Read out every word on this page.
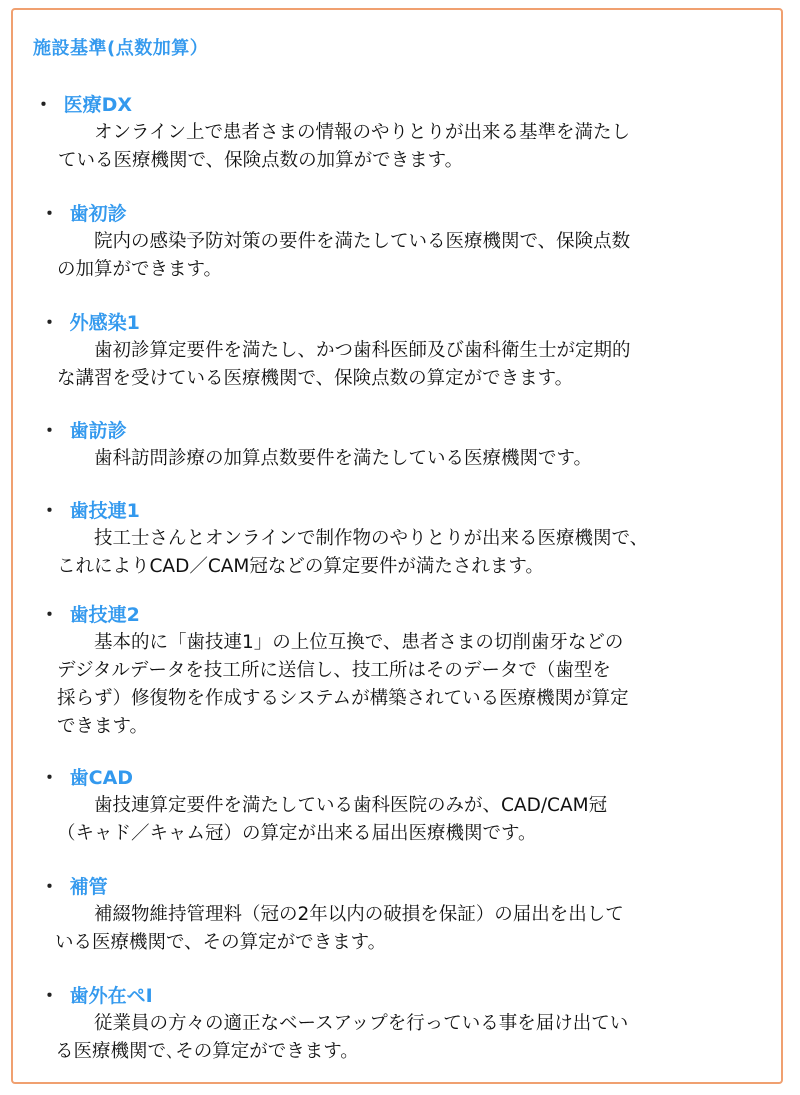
施設基準(点数加算）
・ 医療DX
オンライン上で患者さまの情報のやりとりが出来る基準を満たし
ている医療機関で、保険点数の加算ができます。
・ 歯初診
院内の感染予防対策の要件を満たしている医療機関で、保険点数
の加算ができます。
・ 外感染1
歯初診算定要件を満たし、かつ歯科医師及び歯科衛生士が定期的
な講習を受けている医療機関で、保険点数の算定ができます。
・ 歯訪診
歯科訪問診療の加算点数要件を満たしている医療機関です。
・ 歯技連1
技工士さんとオンラインで制作物のやりとりが出来る医療機関で、
これによりCAD／CAM冠などの算定要件が満たされます。
・ 歯技連2
基本的に「歯技連1」の上位互換で、患者さまの切削歯牙などの
デジタルデータを技工所に送信し、技工所はそのデータで（歯型を
採らず）修復物を作成するシステムが構築されている医療機関が算定
できます。
・ 歯CAD
歯技連算定要件を満たしている歯科医院のみが、CAD/CAM冠
（キャド／キャム冠）の算定が出来る届出医療機関です。
・ 補管
補綴物維持管理料（冠の2年以内の破損を保証）の届出を出して
いる医療機関で、その算定ができます。
・ 歯外在ペⅠ
従業員の方々の適正なベースアップを行っている事を届け出てい
る医療機関で､その算定ができます。
